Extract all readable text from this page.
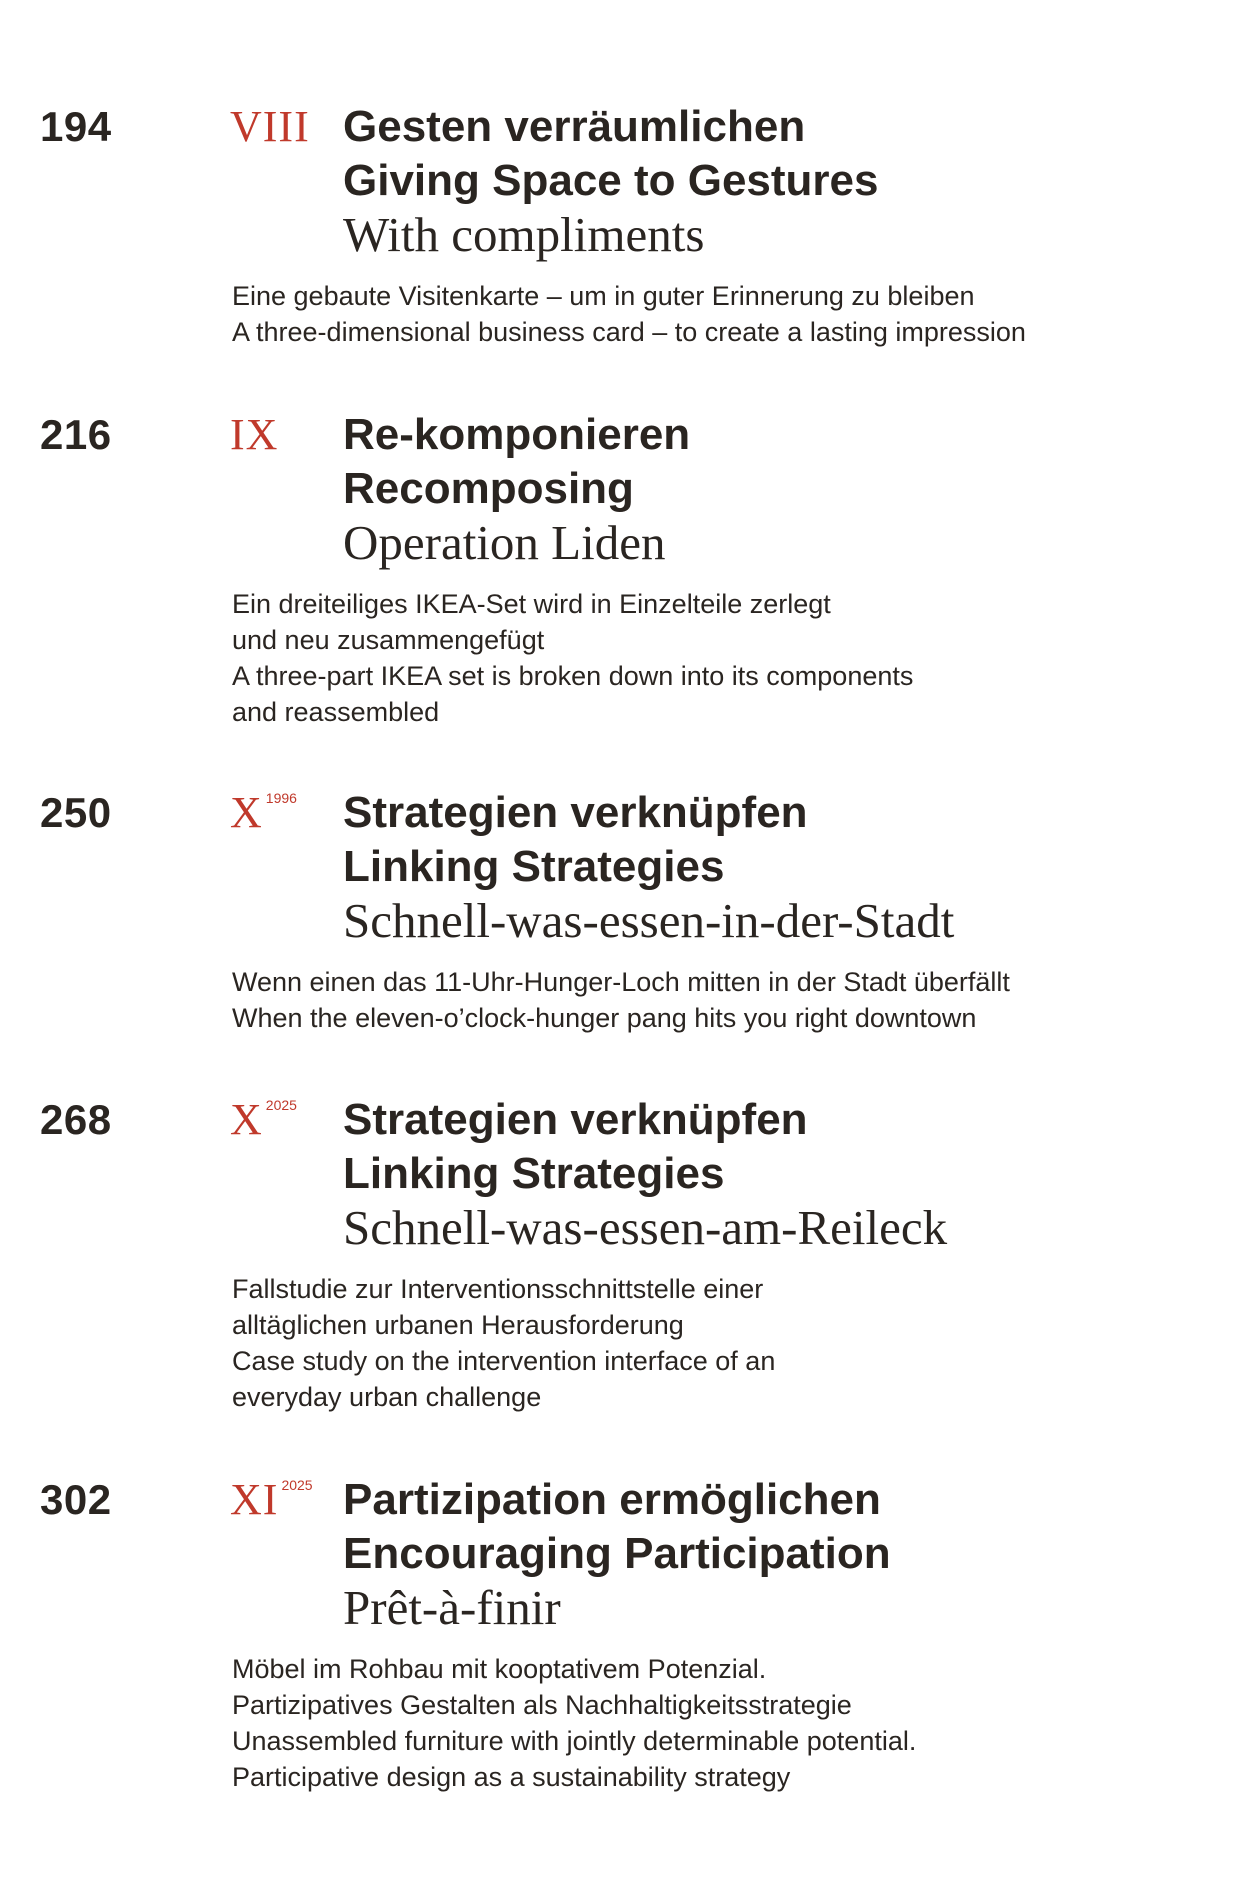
194	VIII Gesten verräumlichen
Giving Space to Gestures
With compliments
Eine gebaute Visitenkarte – um in guter Erinnerung zu bleiben
A three-dimensional business card – to create a lasting impression
216	IX Re-komponieren
Recomposing
Operation Liden
Ein dreiteiliges IKEA-Set wird in Einzelteile zerlegt
und neu zusammengefügt
A three-part IKEA set is broken down into its components
and reassembled
250	X 1996 Strategien verknüpfen
Linking Strategies
Schnell-was-essen-in-der-Stadt
Wenn einen das 11-Uhr-Hunger-Loch mitten in der Stadt überfällt
When the eleven-o’clock-hunger pang hits you right downtown
268	X 2025 Strategien verknüpfen
Linking Strategies
Schnell-was-essen-am-Reileck
Fallstudie zur Interventionsschnittstelle einer
alltäglichen urbanen Herausforderung
Case study on the intervention interface of an
everyday urban challenge
302	XI 2025 Partizipation ermöglichen
Encouraging Participation
Prêt-à-finir
Möbel im Rohbau mit kooptativem Potenzial.
Partizipatives Gestalten als Nachhaltigkeitsstrategie
Unassembled furniture with jointly determinable potential.
Participative design as a sustainability strategy
